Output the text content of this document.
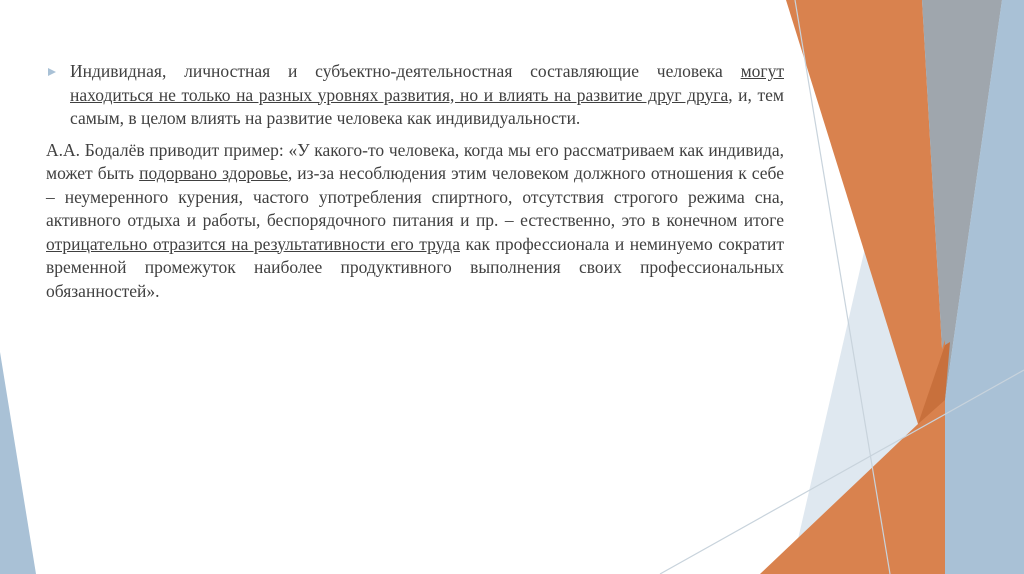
Индивидная, личностная и субъектно-деятельностная составляющие человека могут находиться не только на разных уровнях развития, но и влиять на развитие друг друга, и, тем самым, в целом влиять на развитие человека как индивидуальности.
А.А. Бодалёв приводит пример: «У какого-то человека, когда мы его рассматриваем как индивида, может быть подорвано здоровье, из-за несоблюдения этим человеком должного отношения к себе – неумеренного курения, частого употребления спиртного, отсутствия строгого режима сна, активного отдыха и работы, беспорядочного питания и пр. – естественно, это в конечном итоге отрицательно отразится на результативности его труда как профессионала и неминуемо сократит временной промежуток наиболее продуктивного выполнения своих профессиональных обязанностей».
